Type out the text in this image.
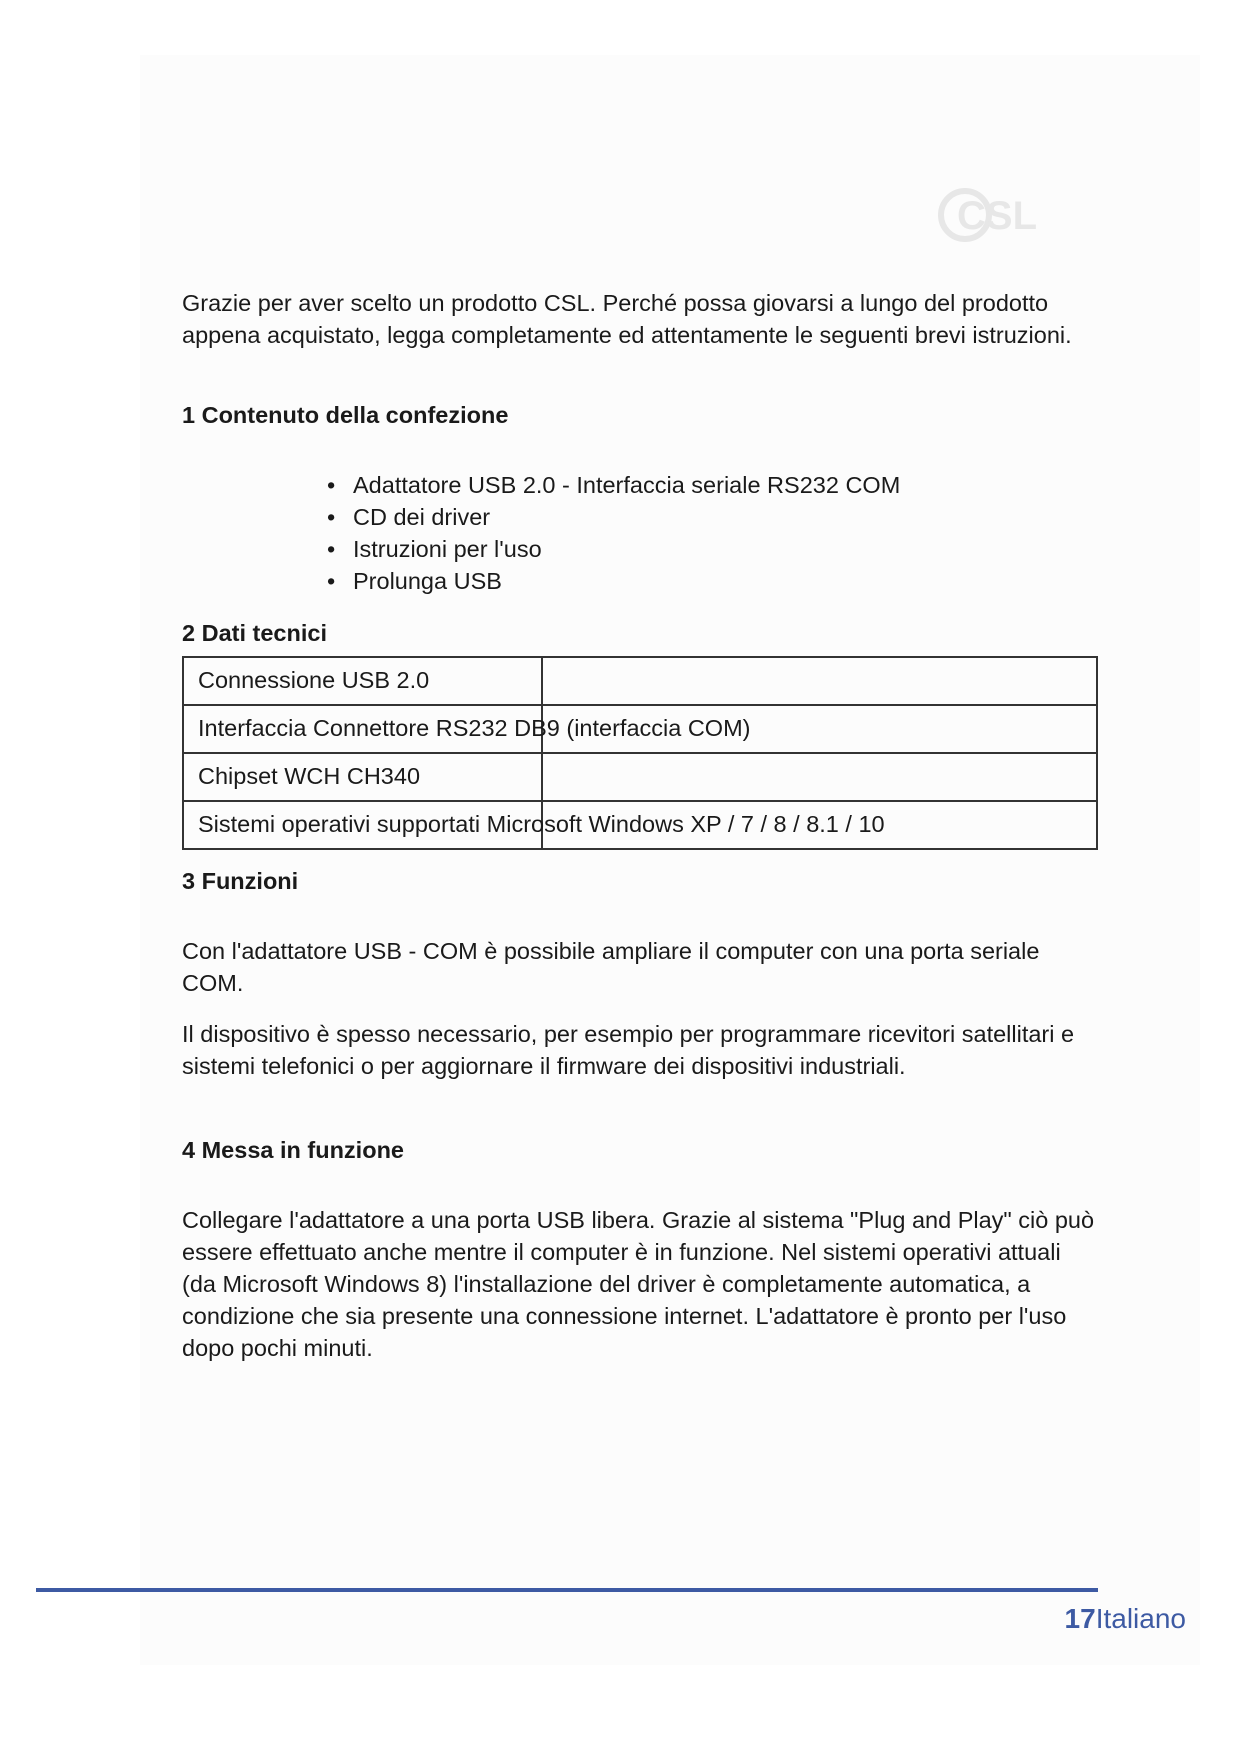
CSL

Grazie per aver scelto un prodotto CSL. Perché possa giovarsi a lungo del prodotto appena acquistato, legga completamente ed attentamente le seguenti brevi istruzioni.

1 Contenuto della confezione

• Adattatore USB 2.0 - Interfaccia seriale RS232 COM
• CD dei driver
• Istruzioni per l'uso
• Prolunga USB

2 Dati tecnici

Connessione USB 2.0	

Interfaccia Connettore RS232 DB9 (interfaccia COM)	

Chipset WCH CH340	

Sistemi operativi supportati Microsoft Windows XP / 7 / 8 / 8.1 / 10	

3 Funzioni

Con l'adattatore USB - COM è possibile ampliare il computer con una porta seriale COM.

Il dispositivo è spesso necessario, per esempio per programmare ricevitori satellitari e sistemi telefonici o per aggiornare il firmware dei dispositivi industriali.

4 Messa in funzione

Collegare l'adattatore a una porta USB libera. Grazie al sistema "Plug and Play" ciò può essere effettuato anche mentre il computer è in funzione. Nel sistemi operativi attuali (da Microsoft Windows 8) l'installazione del driver è completamente automatica, a condizione che sia presente una connessione internet. L'adattatore è pronto per l'uso dopo pochi minuti.

17Italiano
